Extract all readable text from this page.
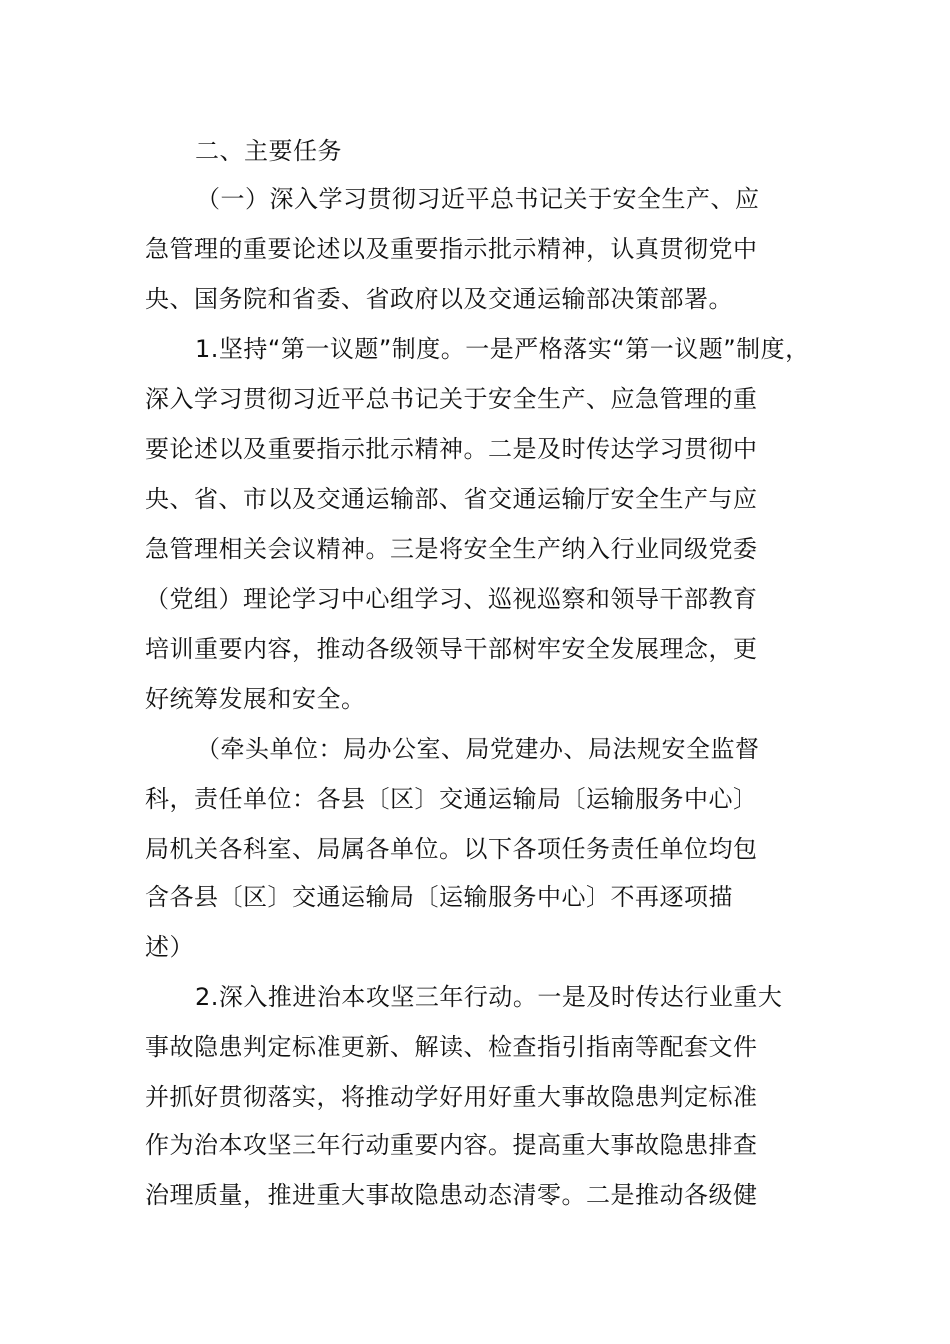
二、主要任务

（一）深入学习贯彻习近平总书记关于安全生产、应

急管理的重要论述以及重要指示批示精神，认真贯彻党中

央、国务院和省委、省政府以及交通运输部决策部署。

1.坚持“第一议题”制度。一是严格落实“第一议题”制度，

深入学习贯彻习近平总书记关于安全生产、应急管理的重

要论述以及重要指示批示精神。二是及时传达学习贯彻中

央、省、市以及交通运输部、省交通运输厅安全生产与应

急管理相关会议精神。三是将安全生产纳入行业同级党委

（党组）理论学习中心组学习、巡视巡察和领导干部教育

培训重要内容，推动各级领导干部树牢安全发展理念，更

好统筹发展和安全。

（牵头单位：局办公室、局党建办、局法规安全监督

科，责任单位：各县〔区〕交通运输局〔运输服务中心〕

局机关各科室、局属各单位。以下各项任务责任单位均包

含各县〔区〕交通运输局〔运输服务中心〕不再逐项描

述）

2.深入推进治本攻坚三年行动。一是及时传达行业重大

事故隐患判定标准更新、解读、检查指引指南等配套文件

并抓好贯彻落实，将推动学好用好重大事故隐患判定标准

作为治本攻坚三年行动重要内容。提高重大事故隐患排查

治理质量，推进重大事故隐患动态清零。二是推动各级健
